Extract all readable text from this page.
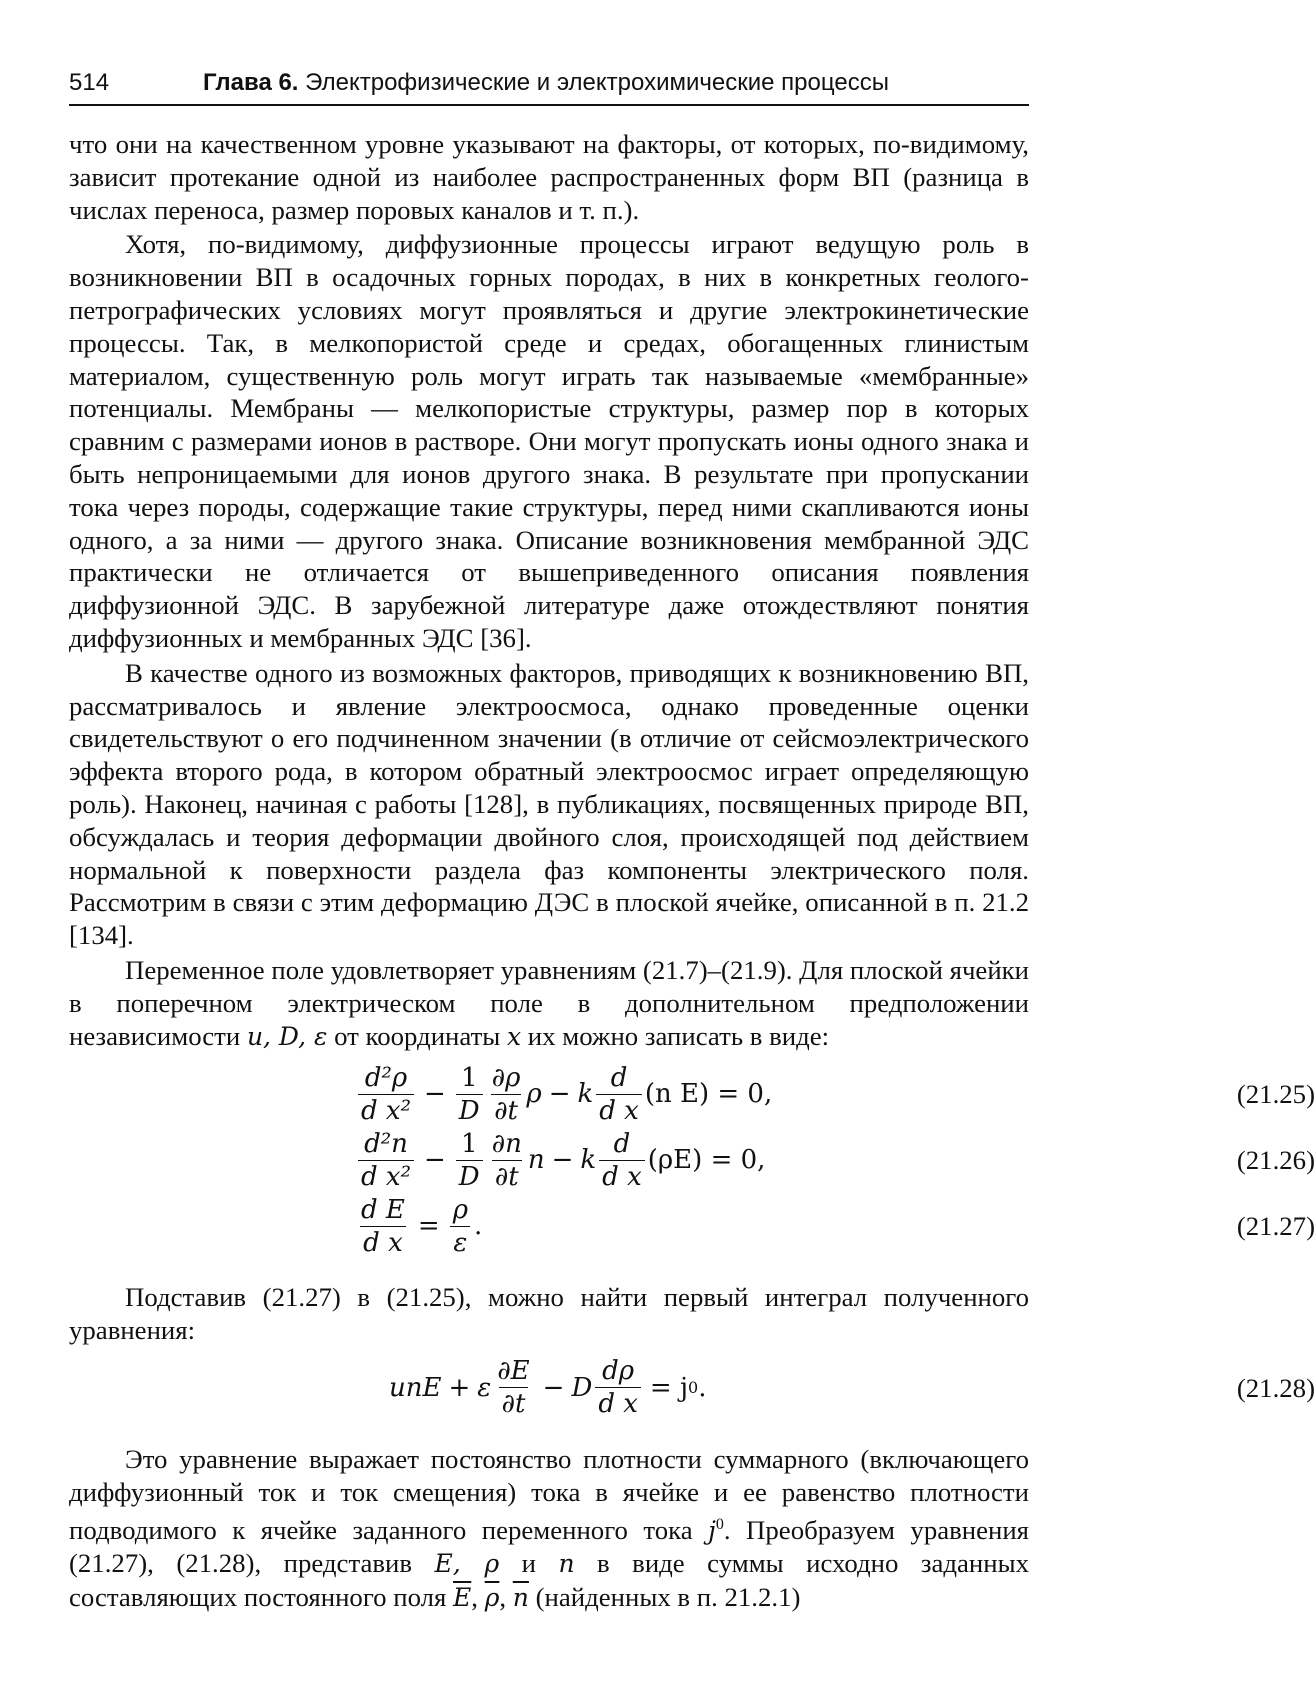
514	Глава 6. Электрофизические и электрохимические процессы

что они на качественном уровне указывают на факторы, от которых, по-видимому, зависит протекание одной из наиболее распространенных форм ВП (разница в числах переноса, размер поровых каналов и т. п.).

Хотя, по-видимому, диффузионные процессы играют ведущую роль в возникновении ВП в осадочных горных породах, в них в конкретных геолого-петрографических условиях могут проявляться и другие электрокинетические процессы. Так, в мелкопористой среде и средах, обогащенных глинистым материалом, существенную роль могут играть так называемые «мембранные» потенциалы. Мембраны — мелкопористые структуры, размер пор в которых сравним с размерами ионов в растворе. Они могут пропускать ионы одного знака и быть непроницаемыми для ионов другого знака. В результате при пропускании тока через породы, содержащие такие структуры, перед ними скапливаются ионы одного, а за ними — другого знака. Описание возникновения мембранной ЭДС практически не отличается от вышеприведенного описания появления диффузионной ЭДС. В зарубежной литературе даже отождествляют понятия диффузионных и мембранных ЭДС [36].

В качестве одного из возможных факторов, приводящих к возникновению ВП, рассматривалось и явление электроосмоса, однако проведенные оценки свидетельствуют о его подчиненном значении (в отличие от сейсмоэлектрического эффекта второго рода, в котором обратный электроосмос играет определяющую роль). Наконец, начиная с работы [128], в публикациях, посвященных природе ВП, обсуждалась и теория деформации двойного слоя, происходящей под действием нормальной к поверхности раздела фаз компоненты электрического поля. Рассмотрим в связи с этим деформацию ДЭС в плоской ячейке, описанной в п. 21.2 [134].

Переменное поле удовлетворяет уравнениям (21.7)–(21.9). Для плоской ячейки в поперечном электрическом поле в дополнительном предположении независимости u, D, ε от координаты x их можно записать в виде:

$\frac{\text{d²ρ}}{\text{d x²}} - \frac{1}{D} \frac{\partial\rho}{\partial t}$ ρ − k $\frac{d}{\text{d x}} (n$ E) = 0,	(21.25)
$\frac{\text{d²n}}{\text{d x²}} - \frac{1}{D} \frac{\partial n}{\partial t}$ n − k $\frac{d}{\text{d x}} (\rho E) = 0$,	(21.26)
$\frac{\text{d E}}{\text{d x}} = \frac{\rho}{\varepsilon}$ .	(21.27)

Подставив (21.27) в (21.25), можно найти первый интеграл полученного уравнения:

unE + ε $\frac{\partial E}{\partial t} - D \frac{d\rho}{\text{d x}} = j$ 0 .	(21.28)

Это уравнение выражает постоянство плотности суммарного (включающего диффузионный ток и ток смещения) тока в ячейке и ее равенство плотности подводимого к ячейке заданного переменного тока $j^0$. Преобразуем уравнения (21.27), (21.28), представив E, ρ и n в виде суммы исходно заданных составляющих постоянного поля $\overline{E}$, $\overline{\rho}$, $\overline{n}$ (найденных в п. 21.2.1)
